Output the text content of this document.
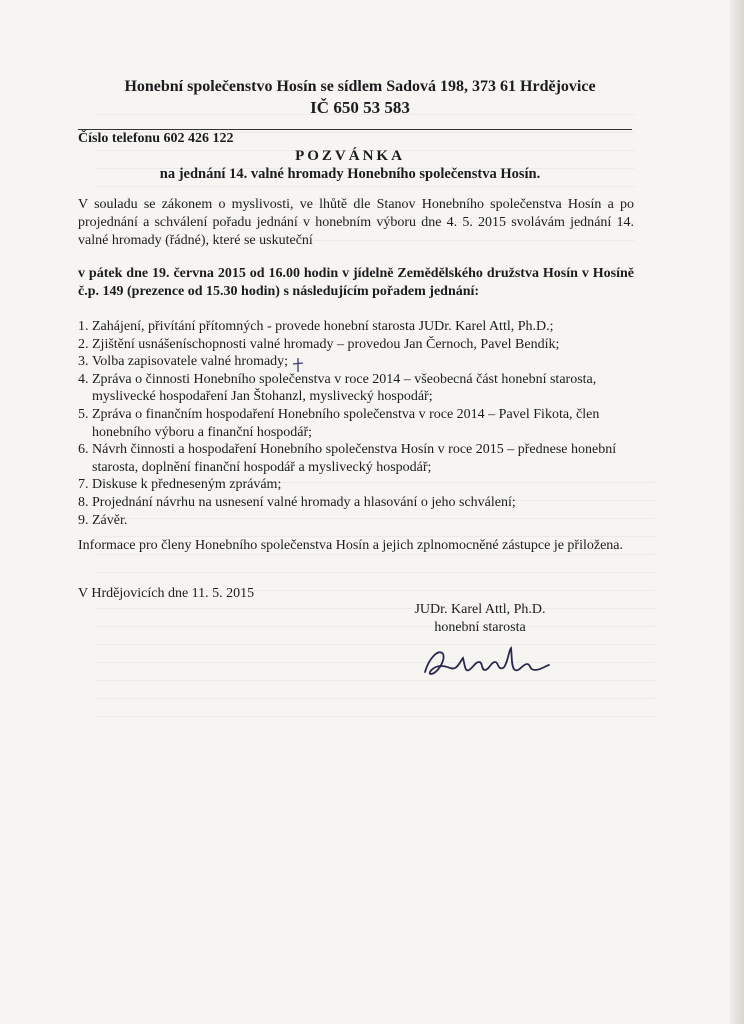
Honební společenstvo Hosín se sídlem Sadová 198, 373 61 Hrdějovice
IČ 650 53 583
Číslo telefonu 602 426 122
POZVÁNKA
na jednání 14. valné hromady Honebního společenstva Hosín.
V souladu se zákonem o myslivosti, ve lhůtě dle Stanov Honebního společenstva Hosín a po projednání a schválení pořadu jednání v honebním výboru dne 4. 5. 2015 svolávám jednání 14. valné hromady (řádné), které se uskuteční
v pátek dne 19. června 2015 od 16.00 hodin v jídelně Zemědělského družstva Hosín v Hosíně č.p. 149 (prezence od 15.30 hodin) s následujícím pořadem jednání:
1. Zahájení, přivítání přítomných - provede honební starosta JUDr. Karel Attl, Ph.D.;
2. Zjištění usnášeníschopnosti valné hromady – provedou Jan Černoch, Pavel Bendík;
3. Volba zapisovatele valné hromady;
4. Zpráva o činnosti Honebního společenstva v roce 2014 – všeobecná část honební starosta, myslivecké hospodaření Jan Štohanzl, myslivecký hospodář;
5. Zpráva o finančním hospodaření Honebního společenstva v roce 2014 – Pavel Fikota, člen honebního výboru a finanční hospodář;
6. Návrh činnosti a hospodaření Honebního společenstva Hosín v roce 2015 – přednese honební starosta, doplnění finanční hospodář a myslivecký hospodář;
7. Diskuse k předneseným zprávám;
8. Projednání návrhu na usnesení valné hromady a hlasování o jeho schválení;
9. Závěr.
Informace pro členy Honebního společenstva Hosín a jejich zplnomocněné zástupce je přiložena.
V Hrdějovicích dne 11. 5. 2015
JUDr. Karel Attl, Ph.D.
honební starosta
